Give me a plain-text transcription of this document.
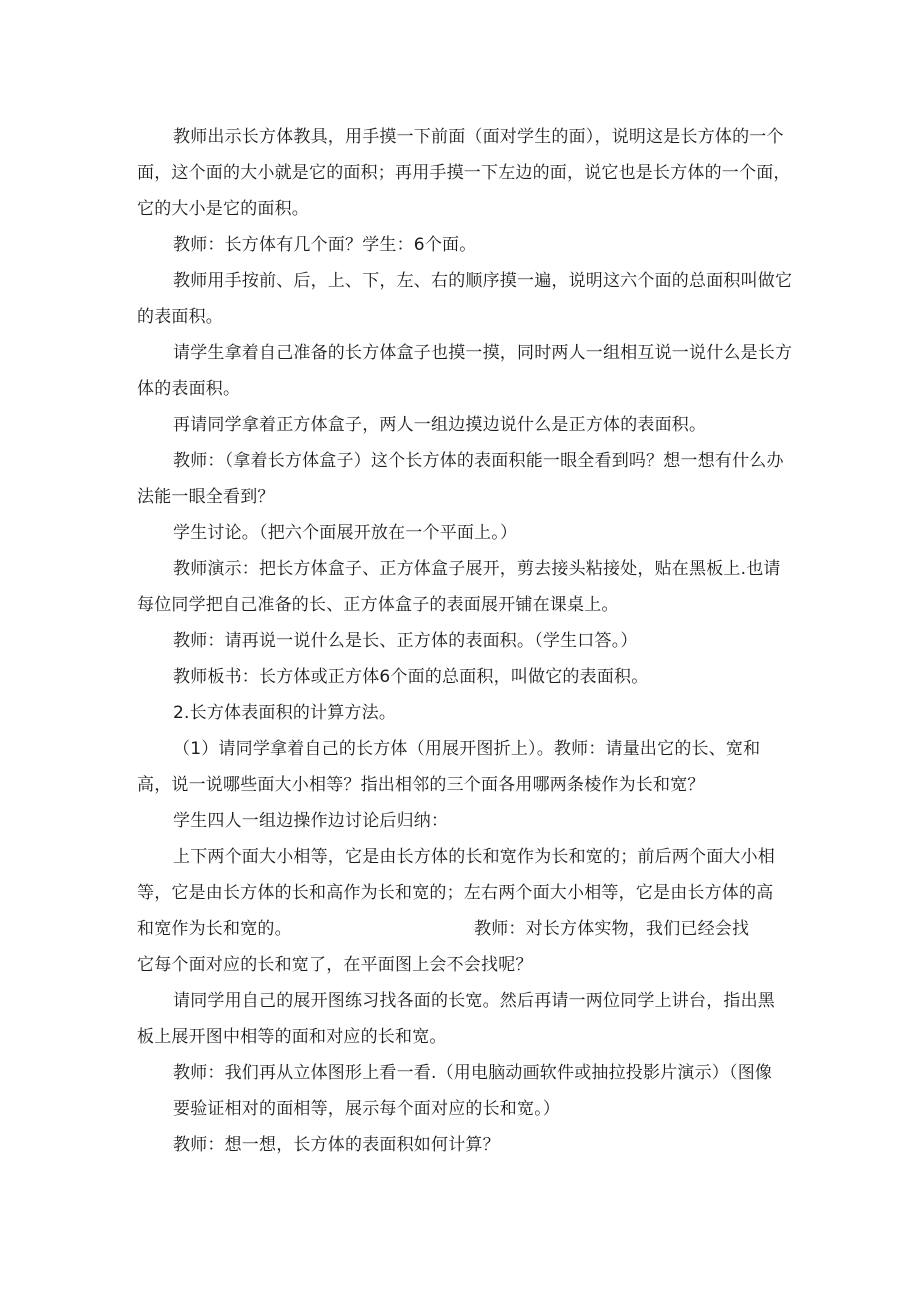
教师出示长方体教具，用手摸一下前面（面对学生的面），说明这是长方体的一个
面，这个面的大小就是它的面积；再用手摸一下左边的面，说它也是长方体的一个面，
它的大小是它的面积。
教师：长方体有几个面？学生：6个面。
教师用手按前、后，上、下，左、右的顺序摸一遍，说明这六个面的总面积叫做它
的表面积。
请学生拿着自己准备的长方体盒子也摸一摸，同时两人一组相互说一说什么是长方
体的表面积。
再请同学拿着正方体盒子，两人一组边摸边说什么是正方体的表面积。
教师：（拿着长方体盒子）这个长方体的表面积能一眼全看到吗？想一想有什么办
法能一眼全看到？
学生讨论。（把六个面展开放在一个平面上。）
教师演示：把长方体盒子、正方体盒子展开，剪去接头粘接处，贴在黑板上.也请
每位同学把自己准备的长、正方体盒子的表面展开铺在课桌上。
教师：请再说一说什么是长、正方体的表面积。（学生口答。）
教师板书：长方体或正方体6个面的总面积，叫做它的表面积。
2.长方体表面积的计算方法。
（1）请同学拿着自己的长方体（用展开图折上）。教师：请量出它的长、宽和
高，说一说哪些面大小相等？指出相邻的三个面各用哪两条棱作为长和宽？
学生四人一组边操作边讨论后归纳：
上下两个面大小相等，它是由长方体的长和宽作为长和宽的；前后两个面大小相
等，它是由长方体的长和高作为长和宽的；左右两个面大小相等，它是由长方体的高
和宽作为长和宽的。	教师：对长方体实物，我们已经会找
它每个面对应的长和宽了，在平面图上会不会找呢？
请同学用自己的展开图练习找各面的长宽。然后再请一两位同学上讲台，指出黑
板上展开图中相等的面和对应的长和宽。
教师：我们再从立体图形上看一看.（用电脑动画软件或抽拉投影片演示）（图像
要验证相对的面相等，展示每个面对应的长和宽。）
教师：想一想，长方体的表面积如何计算？
